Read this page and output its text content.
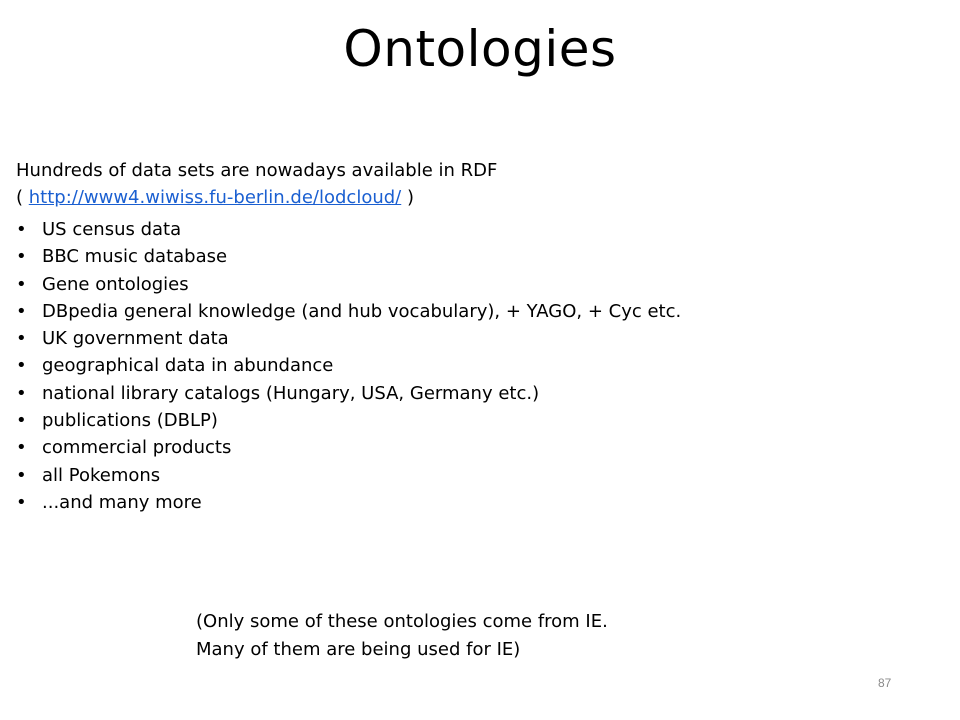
Ontologies

Hundreds of data sets are nowadays available in RDF
( http://www4.wiwiss.fu-berlin.de/lodcloud/ )

• US census data
• BBC music database
• Gene ontologies
• DBpedia general knowledge (and hub vocabulary), + YAGO, + Cyc etc.
• UK government data
• geographical data in abundance
• national library catalogs (Hungary, USA, Germany etc.)
• publications (DBLP)
• commercial products
• all Pokemons
• ...and many more

(Only some of these ontologies come from IE.
Many of them are being used for IE)

87
